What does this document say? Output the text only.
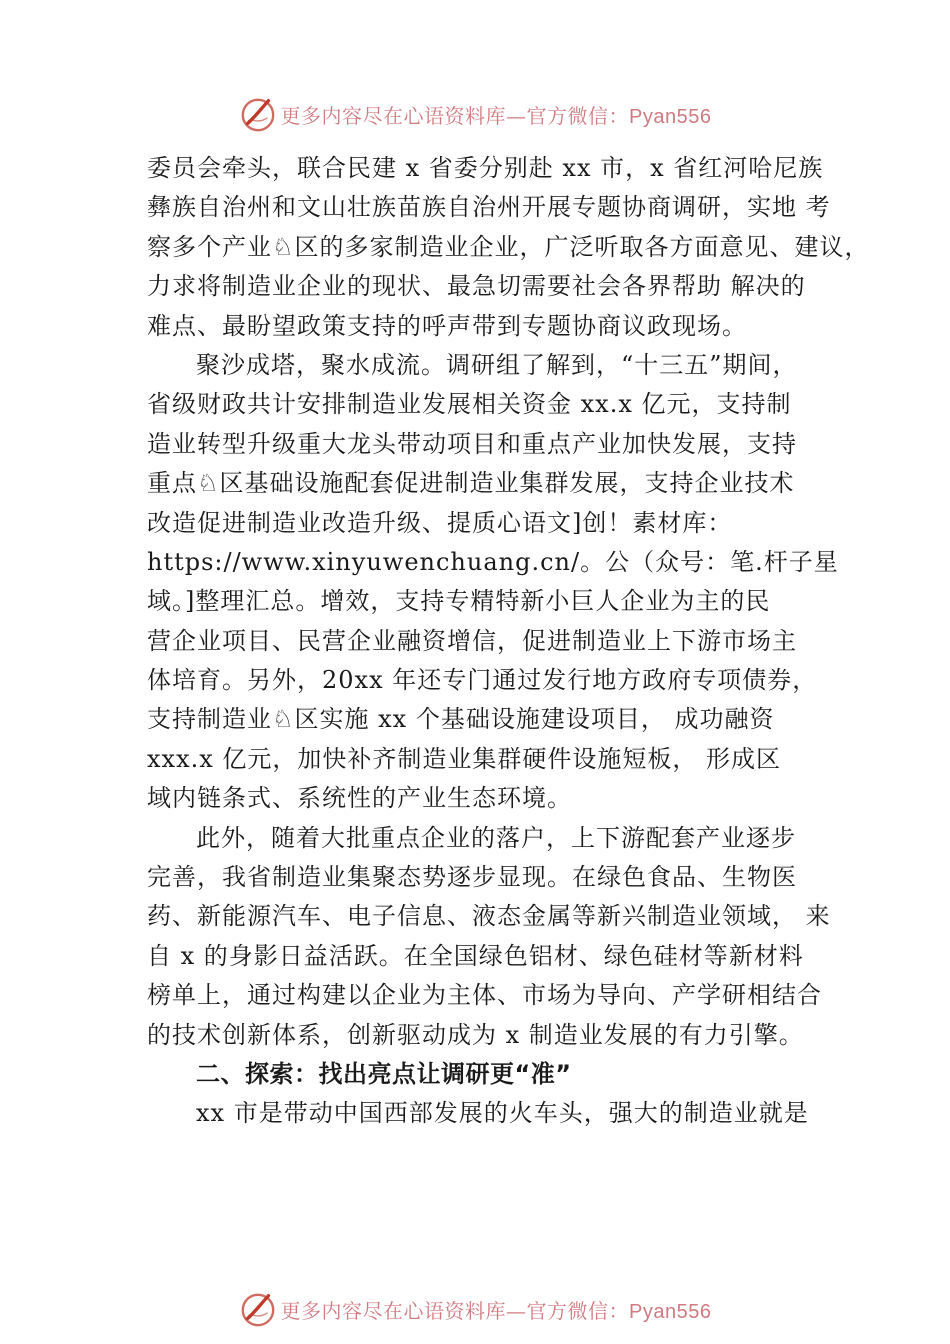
更多内容尽在心语资料库—官方微信：Pyan556
委员会牵头，联合民建 x 省委分别赴 xx 市，x 省红河哈尼族
彝族自治州和文山壮族苗族自治州开展专题协商调研，实地 考
察多个产业♘区的多家制造业企业，广泛听取各方面意见、建议，
力求将制造业企业的现状、最急切需要社会各界帮助 解决的
难点、最盼望政策支持的呼声带到专题协商议政现场。
聚沙成塔，聚水成流。调研组了解到，“十三五”期间，
省级财政共计安排制造业发展相关资金 xx.x 亿元，支持制
造业转型升级重大龙头带动项目和重点产业加快发展，支持
重点♘区基础设施配套促进制造业集群发展，支持企业技术
改造促进制造业改造升级、提质心语文]创！素材库：
https://www.xinyuwenchuang.cn/。公（众号：笔.杆子星
域。]整理汇总。增效，支持专精特新小巨人企业为主的民
营企业项目、民营企业融资增信，促进制造业上下游市场主
体培育。另外，20xx 年还专门通过发行地方政府专项债券，
支持制造业♘区实施 xx 个基础设施建设项目， 成功融资
xxx.x 亿元，加快补齐制造业集群硬件设施短板， 形成区
域内链条式、系统性的产业生态环境。
此外，随着大批重点企业的落户，上下游配套产业逐步
完善，我省制造业集聚态势逐步显现。在绿色食品、生物医
药、新能源汽车、电子信息、液态金属等新兴制造业领域， 来
自 x 的身影日益活跃。在全国绿色铝材、绿色硅材等新材料
榜单上，通过构建以企业为主体、市场为导向、产学研相结合
的技术创新体系，创新驱动成为 x 制造业发展的有力引擎。
二、探索：找出亮点让调研更“准”
xx 市是带动中国西部发展的火车头，强大的制造业就是
更多内容尽在心语资料库—官方微信：Pyan556
